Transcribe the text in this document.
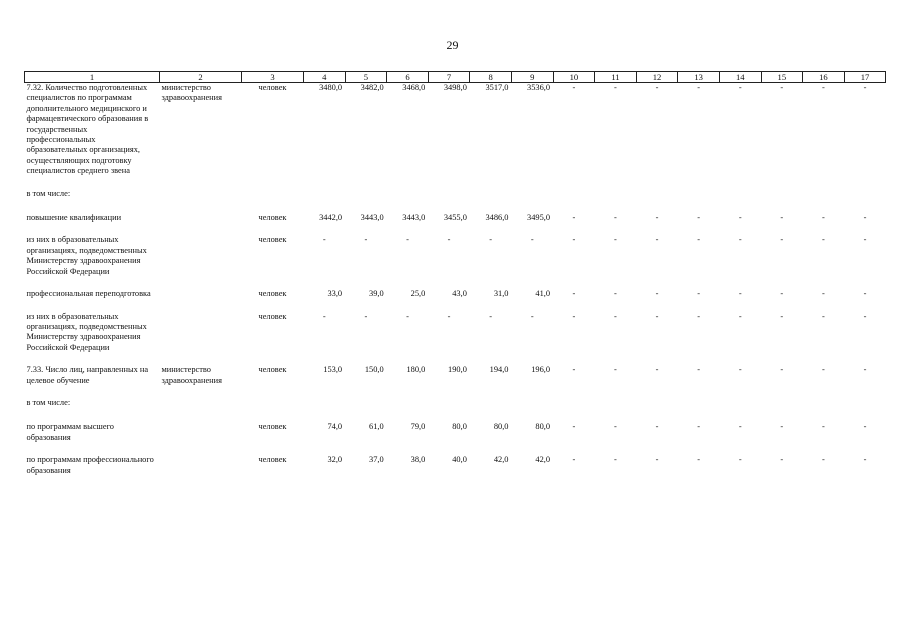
29
1	2	3	4	5	6	7	8	9	10	11	12	13	14	15	16	17
7.32. Количество подготовленных специалистов по программам дополнительного медицинского и фармацевтического образования в государственных профессиональных образовательных организациях, осуществляющих подготовку специалистов среднего звена	министерство здравоохранения	человек	3480,0	3482,0	3468,0	3498,0	3517,0	3536,0	-	-	-	-	-	-	-	-
в том числе:																
повышение квалификации		человек	3442,0	3443,0	3443,0	3455,0	3486,0	3495,0	-	-	-	-	-	-	-	-
из них в образовательных организациях, подведомственных Министерству здравоохранения Российской Федерации		человек	-	-	-	-	-	-	-	-	-	-	-	-	-	-
профессиональная переподготовка		человек	33,0	39,0	25,0	43,0	31,0	41,0	-	-	-	-	-	-	-	-
из них в образовательных организациях, подведомственных Министерству здравоохранения Российской Федерации		человек	-	-	-	-	-	-	-	-	-	-	-	-	-	-
7.33. Число лиц, направленных на целевое обучение	министерство здравоохранения	человек	153,0	150,0	180,0	190,0	194,0	196,0	-	-	-	-	-	-	-	-
в том числе:																
по программам высшего образования		человек	74,0	61,0	79,0	80,0	80,0	80,0	-	-	-	-	-	-	-	-
по программам профессионального образования		человек	32,0	37,0	38,0	40,0	42,0	42,0	-	-	-	-	-	-	-	-
